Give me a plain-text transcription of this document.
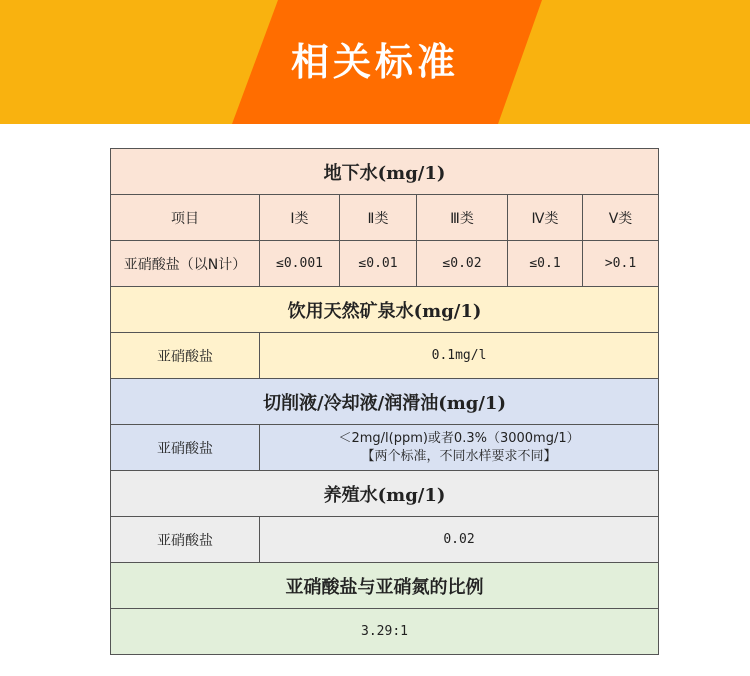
相关标准
地下水(mg/1)					
项目	Ⅰ类	Ⅱ类	Ⅲ类	Ⅳ类	Ⅴ类
亚硝酸盐（以N计）	≤0.001	≤0.01	≤0.02	≤0.1	>0.1
饮用天然矿泉水(mg/1)					
亚硝酸盐	0.1mg/l				
切削液/冷却液/润滑油(mg/1)					
亚硝酸盐	＜2mg/l(ppm)或者0.3%（3000mg/1）
【两个标准，不同水样要求不同】				

养殖水(mg/1)					
亚硝酸盐	0.02				
亚硝酸盐与亚硝氮的比例					
3.29:1					
